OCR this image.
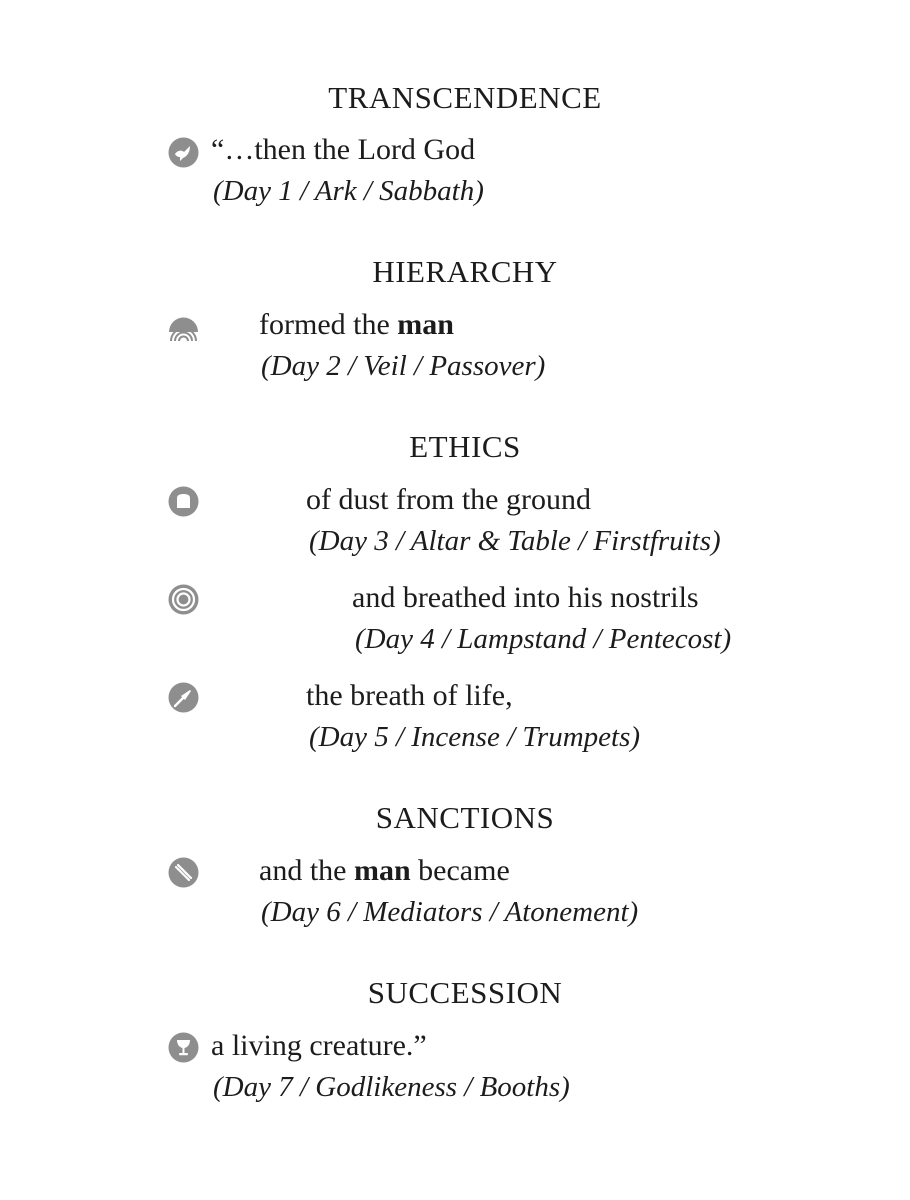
TRANSCENDENCE
HIERARCHY
ETHICS
SANCTIONS
SUCCESSION
“…then the Lord God
(Day 1 / Ark / Sabbath)
formed the man
(Day 2 / Veil / Passover)
of dust from the ground
(Day 3 / Altar & Table / Firstfruits)
and breathed into his nostrils
(Day 4 / Lampstand / Pentecost)
the breath of life,
(Day 5 / Incense / Trumpets)
and the man became
(Day 6 / Mediators / Atonement)
a living creature.”
(Day 7 / Godlikeness / Booths)
